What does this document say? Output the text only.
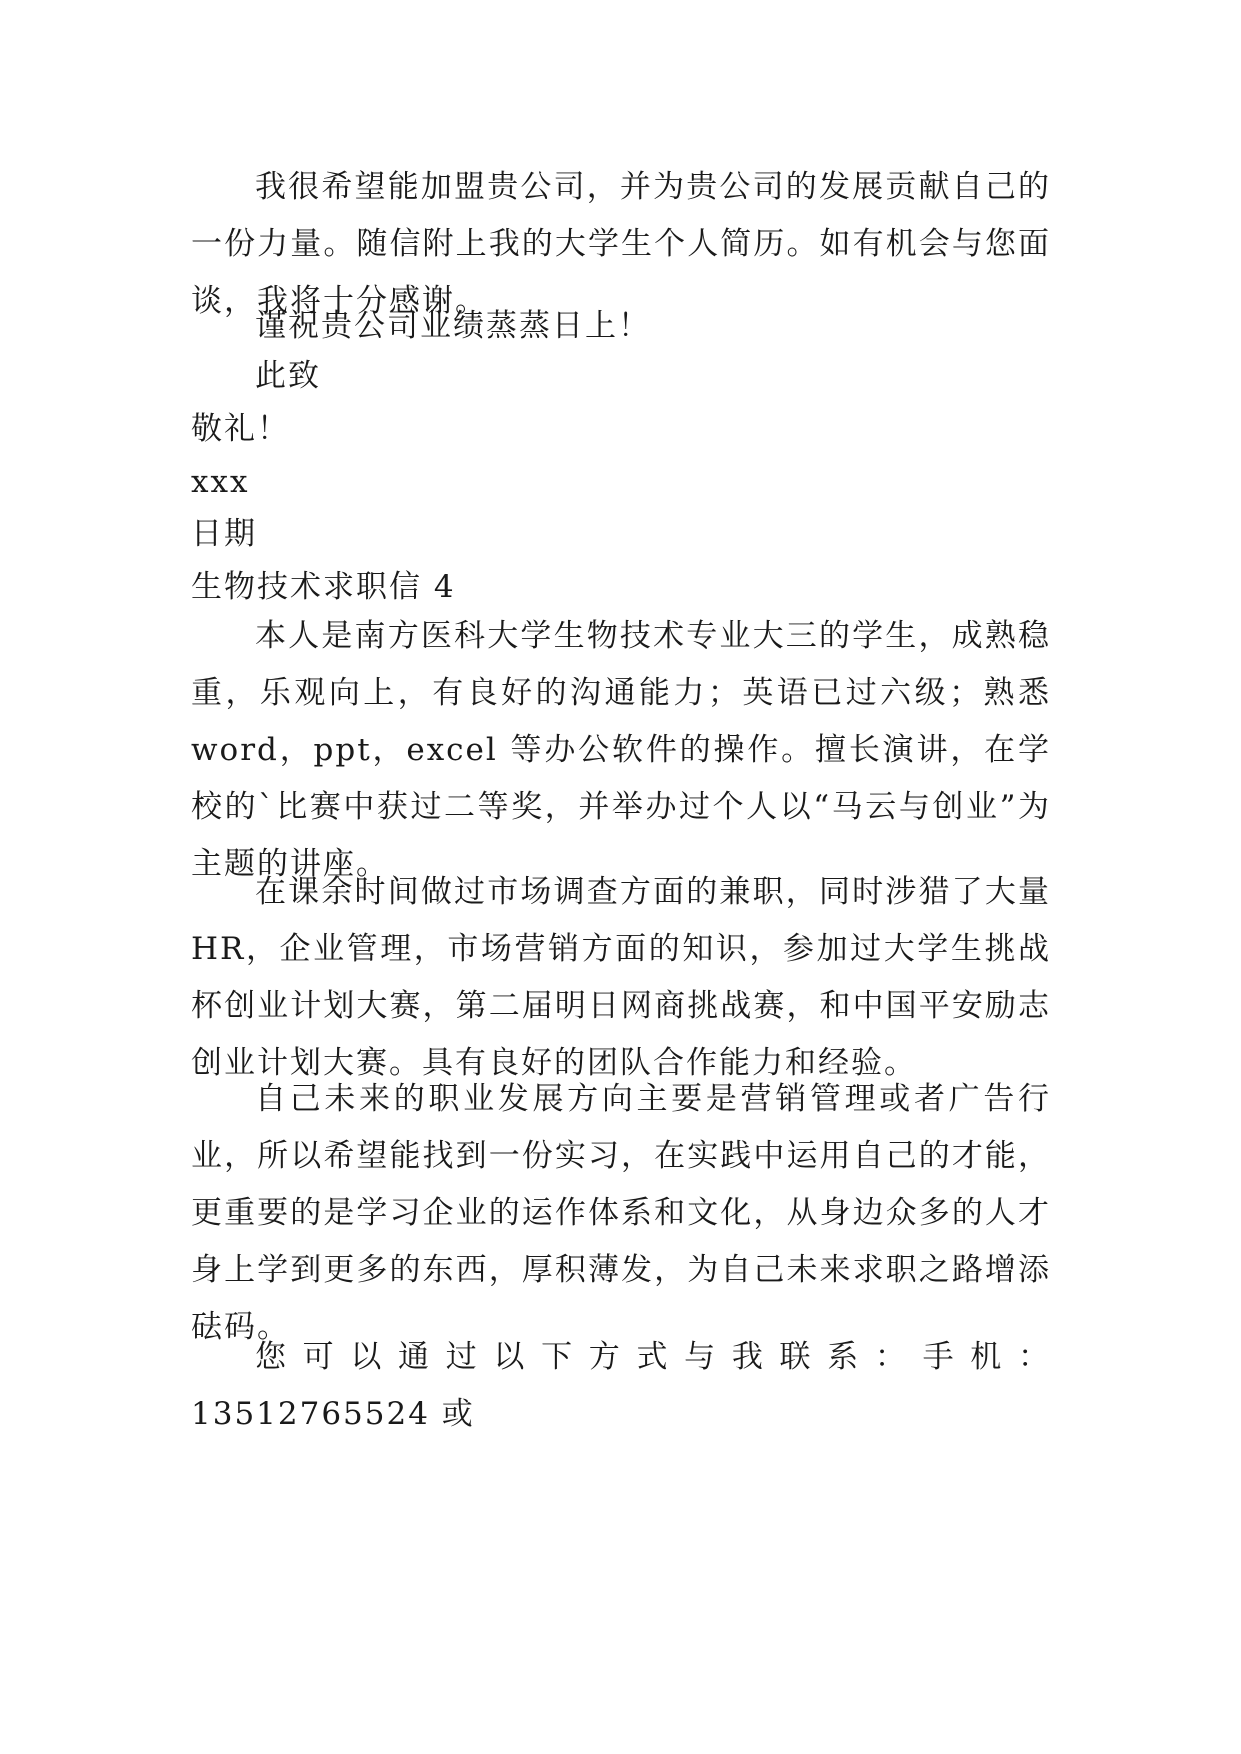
我很希望能加盟贵公司，并为贵公司的发展贡献自己的一份力量。随信附上我的大学生个人简历。如有机会与您面谈，我将十分感谢。

谨祝贵公司业绩蒸蒸日上！

此致

敬礼！

xxx

日期

生物技术求职信 4

本人是南方医科大学生物技术专业大三的学生，成熟稳重，乐观向上，有良好的沟通能力；英语已过六级；熟悉 word，ppt，excel 等办公软件的操作。擅长演讲，在学校的`比赛中获过二等奖，并举办过个人以“马云与创业”为主题的讲座。

在课余时间做过市场调查方面的兼职，同时涉猎了大量 HR，企业管理，市场营销方面的知识，参加过大学生挑战杯创业计划大赛，第二届明日网商挑战赛，和中国平安励志创业计划大赛。具有良好的团队合作能力和经验。

自己未来的职业发展方向主要是营销管理或者广告行业，所以希望能找到一份实习，在实践中运用自己的才能，更重要的是学习企业的运作体系和文化，从身边众多的人才身上学到更多的东西，厚积薄发，为自己未来求职之路增添砝码。

您可以通过以下方式与我联系：手机：13512765524 或
